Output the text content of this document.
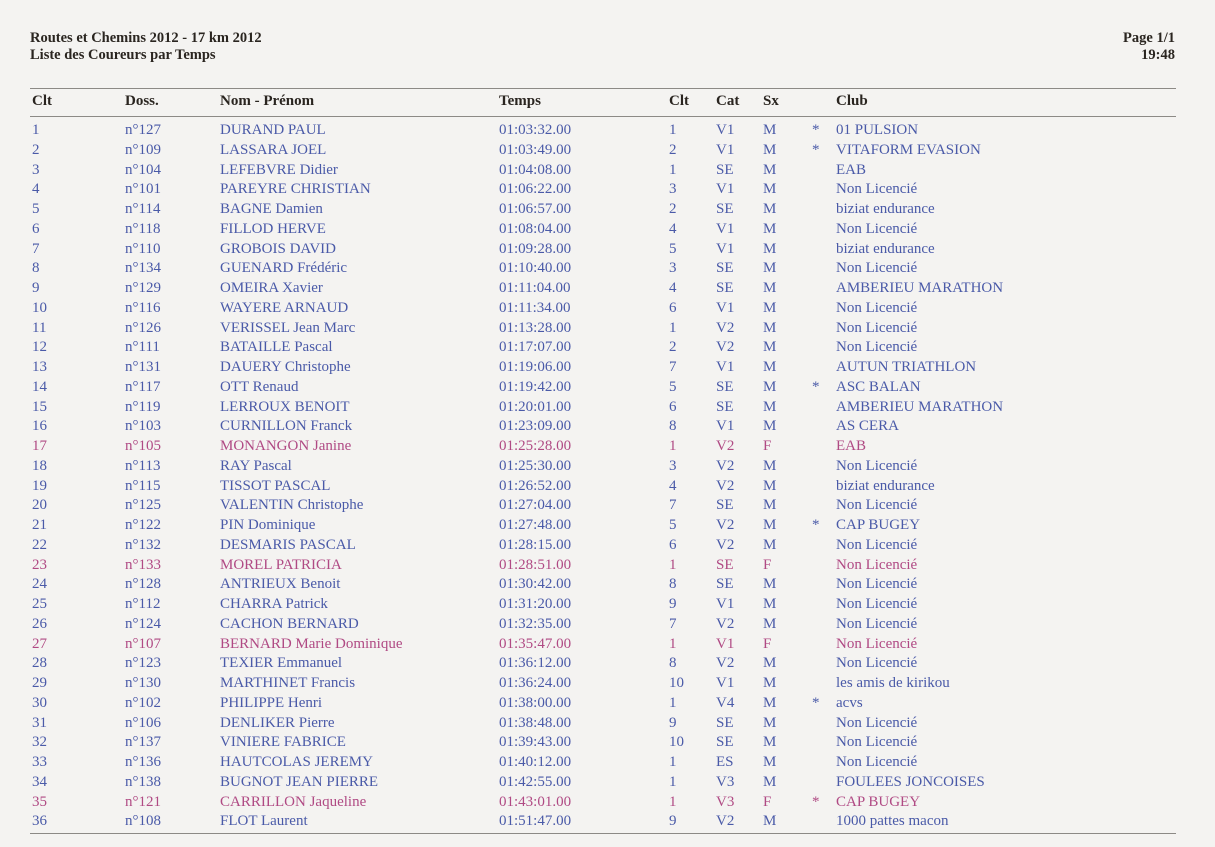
Routes et Chemins 2012 - 17 km 2012
Liste des Coureurs par Temps
Page 1/1
19:48
Clt	Doss.	Nom - Prénom	Temps	Clt Cat Sx	Club
1	n°127	DURAND PAUL	01:03:32.00	1	V1 M * 01 PULSION
2	n°109	LASSARA JOEL	01:03:49.00	2	V1 M * VITAFORM EVASION
3	n°104	LEFEBVRE Didier	01:04:08.00	1	SE M	EAB
4	n°101	PAREYRE CHRISTIAN	01:06:22.00	3	V1 M	Non Licencié
5	n°114	BAGNE Damien	01:06:57.00	2	SE M	biziat endurance
6	n°118	FILLOD HERVE	01:08:04.00	4	V1 M	Non Licencié
7	n°110	GROBOIS DAVID	01:09:28.00	5	V1 M	biziat endurance
8	n°134	GUENARD Frédéric	01:10:40.00	3	SE M	Non Licencié
9	n°129	OMEIRA Xavier	01:11:04.00	4	SE M	AMBERIEU MARATHON
10	n°116	WAYERE ARNAUD	01:11:34.00	6	V1 M	Non Licencié
11	n°126	VERISSEL Jean Marc	01:13:28.00	1	V2 M	Non Licencié
12	n°111	BATAILLE Pascal	01:17:07.00	2	V2 M	Non Licencié
13	n°131	DAUERY Christophe	01:19:06.00	7	V1 M	AUTUN TRIATHLON
14	n°117	OTT Renaud	01:19:42.00	5	SE M * ASC BALAN
15	n°119	LERROUX BENOIT	01:20:01.00	6	SE M	AMBERIEU MARATHON
16	n°103	CURNILLON Franck	01:23:09.00	8	V1 M	AS CERA
17	n°105	MONANGON Janine	01:25:28.00	1	V2 F	EAB
18	n°113	RAY Pascal	01:25:30.00	3	V2 M	Non Licencié
19	n°115	TISSOT PASCAL	01:26:52.00	4	V2 M	biziat endurance
20	n°125	VALENTIN Christophe	01:27:04.00	7	SE M	Non Licencié
21	n°122	PIN Dominique	01:27:48.00	5	V2 M * CAP BUGEY
22	n°132	DESMARIS PASCAL	01:28:15.00	6	V2 M	Non Licencié
23	n°133	MOREL PATRICIA	01:28:51.00	1	SE F	Non Licencié
24	n°128	ANTRIEUX Benoit	01:30:42.00	8	SE M	Non Licencié
25	n°112	CHARRA Patrick	01:31:20.00	9	V1 M	Non Licencié
26	n°124	CACHON BERNARD	01:32:35.00	7	V2 M	Non Licencié
27	n°107	BERNARD Marie Dominique	01:35:47.00	1	V1 F	Non Licencié
28	n°123	TEXIER Emmanuel	01:36:12.00	8	V2 M	Non Licencié
29	n°130	MARTHINET Francis	01:36:24.00	10 V1 M	les amis de kirikou
30	n°102	PHILIPPE Henri	01:38:00.00	1	V4 M * acvs
31	n°106	DENLIKER Pierre	01:38:48.00	9	SE M	Non Licencié
32	n°137	VINIERE FABRICE	01:39:43.00	10 SE M	Non Licencié
33	n°136	HAUTCOLAS JEREMY	01:40:12.00	1	ES M	Non Licencié
34	n°138	BUGNOT JEAN PIERRE	01:42:55.00	1	V3 M	FOULEES JONCOISES
35	n°121	CARRILLON Jaqueline	01:43:01.00	1	V3 F	* CAP BUGEY
36	n°108	FLOT Laurent	01:51:47.00	9	V2 M	1000 pattes macon
